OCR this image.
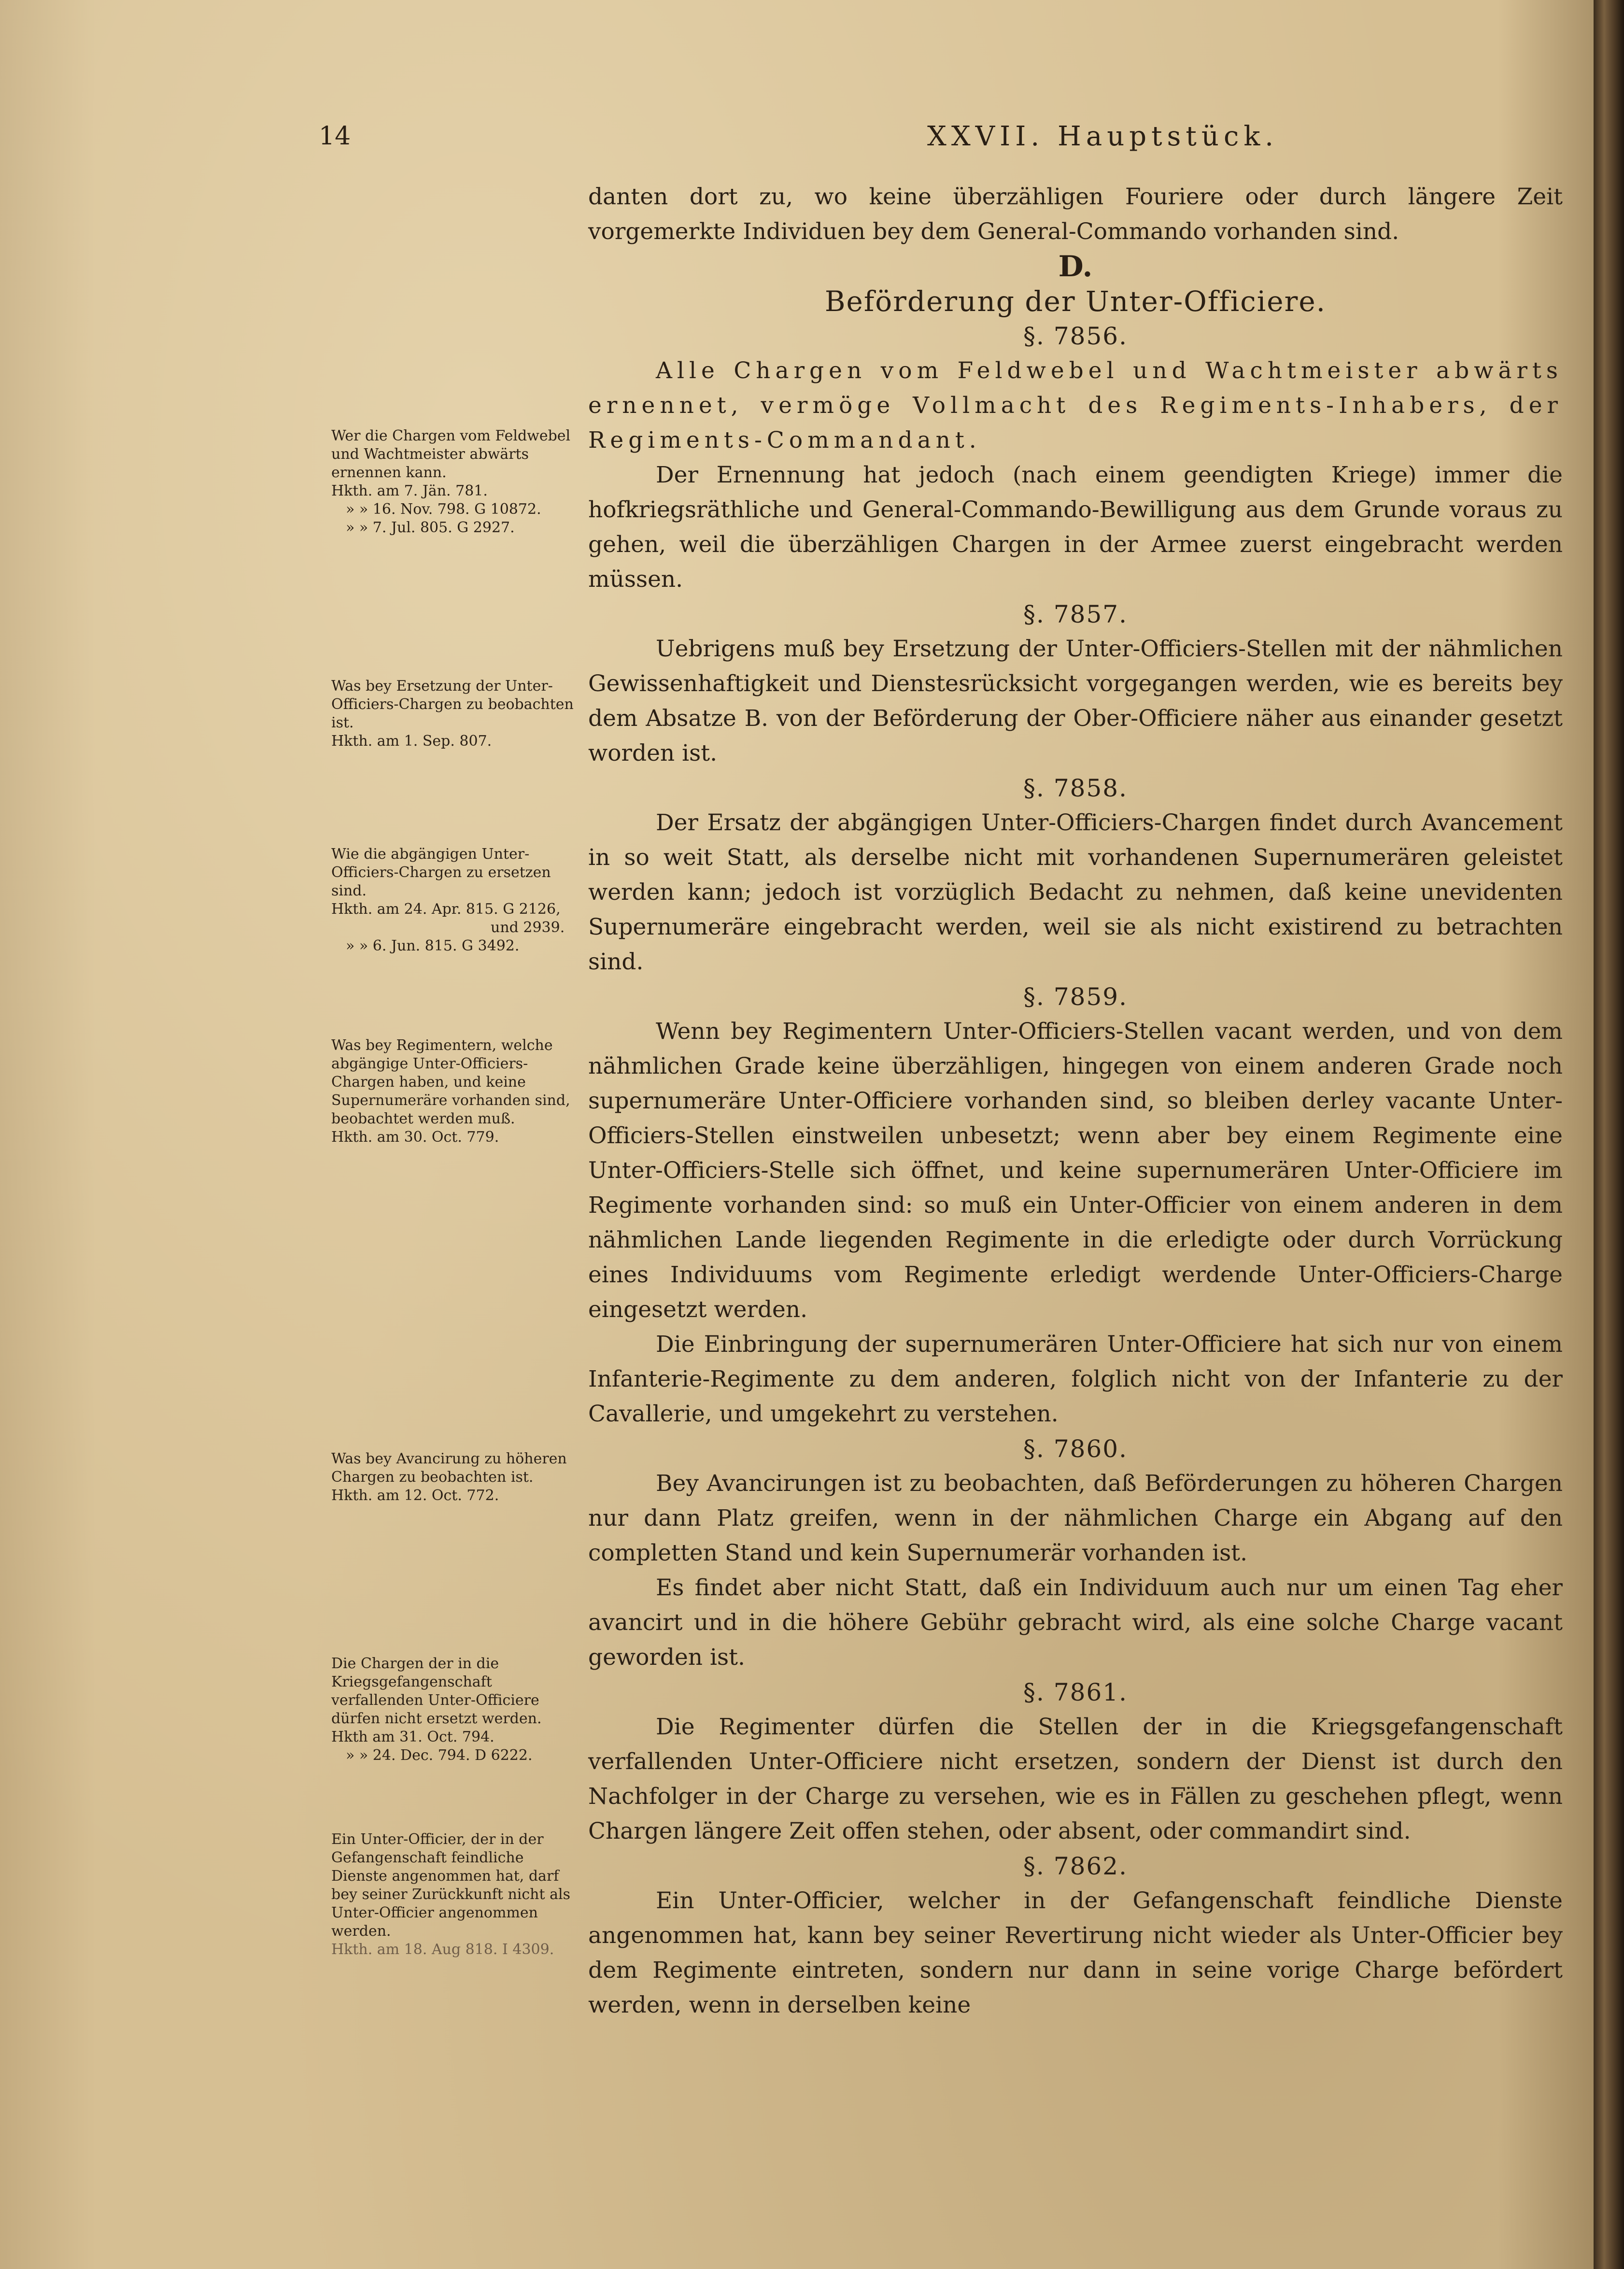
14	XXVII. Hauptstück.

danten dort zu, wo keine überzähligen Fouriere oder durch längere Zeit vorgemerkte Individuen bey dem General-Commando vorhanden sind.

D.

Beförderung der Unter-Officiere.

§. 7856.

Alle Chargen vom Feldwebel und Wachtmeister abwärts ernennet, vermöge Vollmacht des Regiments-Inhabers, der Regiments-Commandant.

Der Ernennung hat jedoch (nach einem geendigten Kriege) immer die hofkriegsräthliche und General-Commando-Bewilligung aus dem Grunde voraus zu gehen, weil die überzähligen Chargen in der Armee zuerst eingebracht werden müssen.

§. 7857.

Uebrigens muß bey Ersetzung der Unter-Officiers-Stellen mit der nähmlichen Gewissenhaftigkeit und Dienstesrücksicht vorgegangen werden, wie es bereits bey dem Absatze B. von der Beförderung der Ober-Officiere näher aus einander gesetzt worden ist.

§. 7858.

Der Ersatz der abgängigen Unter-Officiers-Chargen findet durch Avancement in so weit Statt, als derselbe nicht mit vorhandenen Supernumerären geleistet werden kann; jedoch ist vorzüglich Bedacht zu nehmen, daß keine unevidenten Supernumeräre eingebracht werden, weil sie als nicht existirend zu betrachten sind.

§. 7859.

Wenn bey Regimentern Unter-Officiers-Stellen vacant werden, und von dem nähmlichen Grade keine überzähligen, hingegen von einem anderen Grade noch supernumeräre Unter-Officiere vorhanden sind, so bleiben derley vacante Unter-Officiers-Stellen einstweilen unbesetzt; wenn aber bey einem Regimente eine Unter-Officiers-Stelle sich öffnet, und keine supernumerären Unter-Officiere im Regimente vorhanden sind: so muß ein Unter-Officier von einem anderen in dem nähmlichen Lande liegenden Regimente in die erledigte oder durch Vorrückung eines Individuums vom Regimente erledigt werdende Unter-Officiers-Charge eingesetzt werden.

Die Einbringung der supernumerären Unter-Officiere hat sich nur von einem Infanterie-Regimente zu dem anderen, folglich nicht von der Infanterie zu der Cavallerie, und umgekehrt zu verstehen.

§. 7860.

Bey Avancirungen ist zu beobachten, daß Beförderungen zu höheren Chargen nur dann Platz greifen, wenn in der nähmlichen Charge ein Abgang auf den completten Stand und kein Supernumerär vorhanden ist.

Es findet aber nicht Statt, daß ein Individuum auch nur um einen Tag eher avancirt und in die höhere Gebühr gebracht wird, als eine solche Charge vacant geworden ist.

§. 7861.

Die Regimenter dürfen die Stellen der in die Kriegsgefangenschaft verfallenden Unter-Officiere nicht ersetzen, sondern der Dienst ist durch den Nachfolger in der Charge zu versehen, wie es in Fällen zu geschehen pflegt, wenn Chargen längere Zeit offen stehen, oder absent, oder commandirt sind.

§. 7862.

Ein Unter-Officier, welcher in der Gefangenschaft feindliche Dienste angenommen hat, kann bey seiner Revertirung nicht wieder als Unter-Officier bey dem Regimente eintreten, sondern nur dann in seine vorige Charge befördert werden, wenn in derselben keine

Wer die Chargen vom Feldwebel und Wachtmeister abwärts ernennen kann.

Hkth. am 7. Jän. 781.

» » 16. Nov. 798. G 10872.

» » 7. Jul. 805. G 2927.

Was bey Ersetzung der Unter-Officiers-Chargen zu beobachten ist.

Hkth. am 1. Sep. 807.

Wie die abgängigen Unter-Officiers-Chargen zu ersetzen sind.

Hkth. am 24. Apr. 815. G 2126,

und 2939.

» » 6. Jun. 815. G 3492.

Was bey Regimentern, welche abgängige Unter-Officiers-Chargen haben, und keine Supernumeräre vorhanden sind, beobachtet werden muß.

Hkth. am 30. Oct. 779.

Was bey Avancirung zu höheren Chargen zu beobachten ist.

Hkth. am 12. Oct. 772.

Die Chargen der in die Kriegsgefangenschaft verfallenden Unter-Officiere dürfen nicht ersetzt werden.

Hkth am 31. Oct. 794.

» » 24. Dec. 794. D 6222.

Ein Unter-Officier, der in der Gefangenschaft feindliche Dienste angenommen hat, darf bey seiner Zurückkunft nicht als Unter-Officier angenommen werden.

Hkth. am 18. Aug 818. I 4309.
